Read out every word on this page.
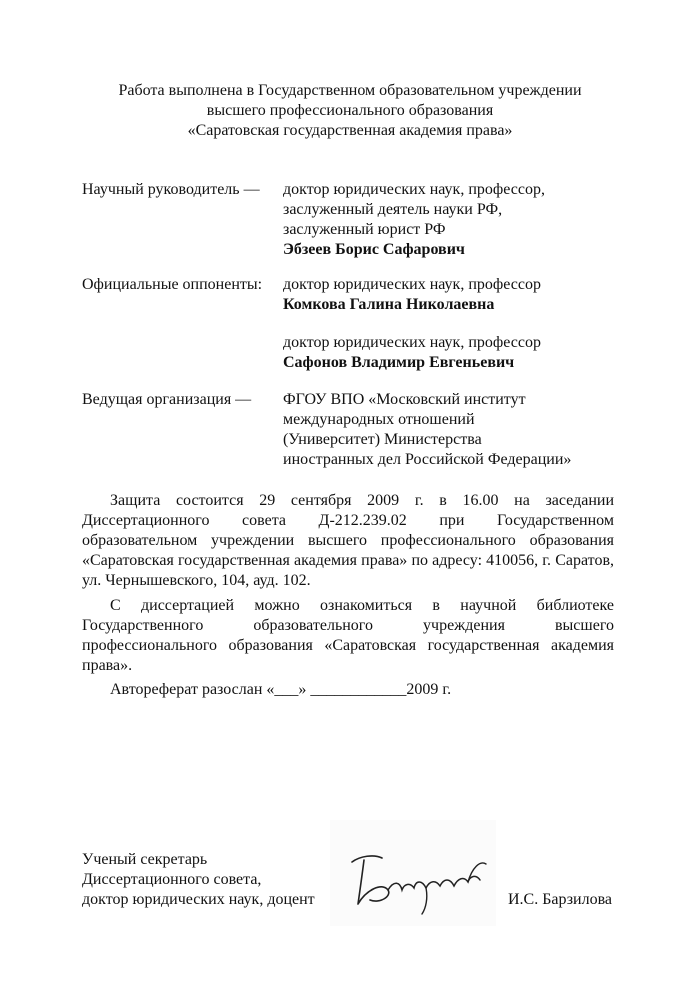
Работа выполнена в Государственном образовательном учреждении
высшего профессионального образования
«Саратовская государственная академия права»
Научный руководитель — доктор юридических наук, профессор,
заслуженный деятель науки РФ,
заслуженный юрист РФ
Эбзеев Борис Сафарович
Официальные оппоненты: доктор юридических наук, профессор
Комкова Галина Николаевна
доктор юридических наук, профессор
Сафонов Владимир Евгеньевич
Ведущая организация — ФГОУ ВПО «Московский институт
международных отношений
(Университет) Министерства
иностранных дел Российской Федерации»
Защита состоится 29 сентября 2009 г. в 16.00 на заседании Диссертационного совета Д-212.239.02 при Государственном образовательном учреждении высшего профессионального образования «Саратовская государственная академия права» по адресу: 410056, г. Саратов, ул. Чернышевского, 104, ауд. 102.
С диссертацией можно ознакомиться в научной библиотеке Государственного образовательного учреждения высшего профессионального образования «Саратовская государственная академия права».
Автореферат разослан «___» ____________2009 г.
Ученый секретарь
Диссертационного совета,
доктор юридических наук, доцент	И.С. Барзилова
